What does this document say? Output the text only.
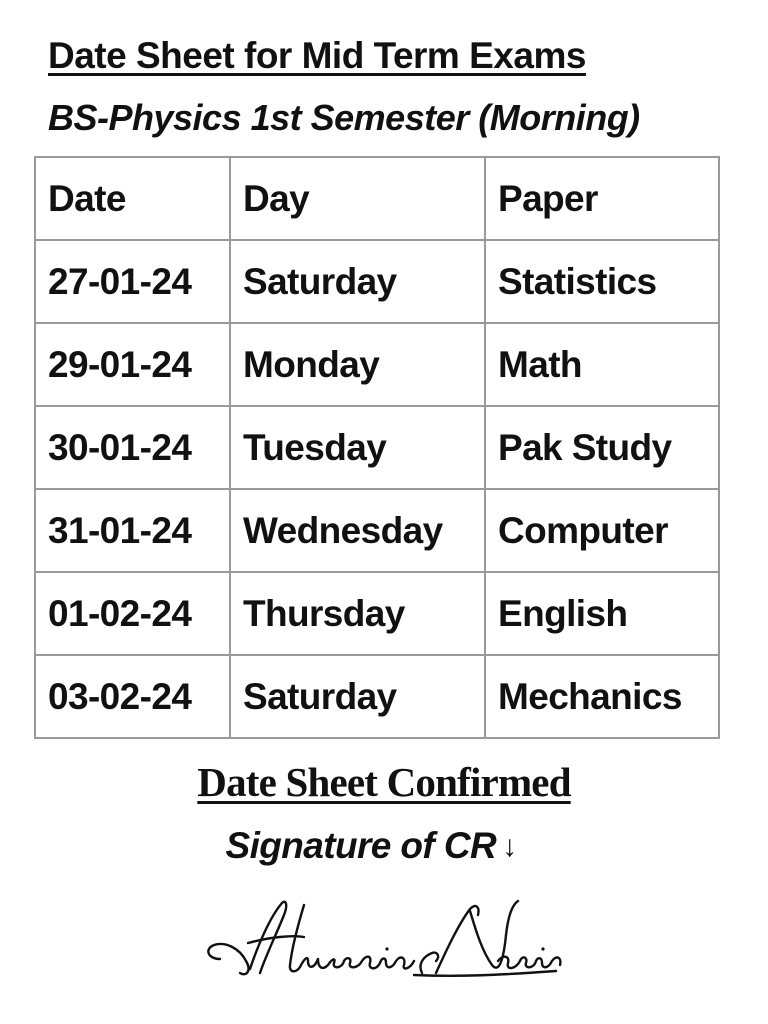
Date Sheet for Mid Term Exams
BS-Physics 1st Semester (Morning)
Date	Day	Paper
27-01-24	Saturday	Statistics
29-01-24	Monday	Math
30-01-24	Tuesday	Pak Study
31-01-24	Wednesday	Computer
01-02-24	Thursday	English
03-02-24	Saturday	Mechanics

Date Sheet Confirmed

Signature of CR ↓
